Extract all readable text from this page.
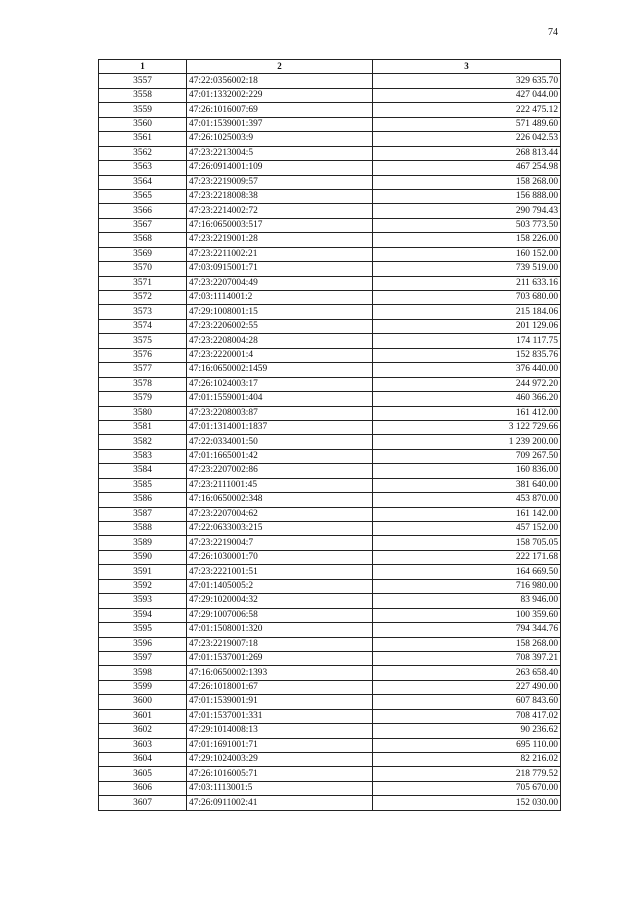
74
1	2	3
3557	47:22:0356002:18	329 635.70
3558	47:01:1332002:229	427 044.00
3559	47:26:1016007:69	222 475.12
3560	47:01:1539001:397	571 489.60
3561	47:26:1025003:9	226 042.53
3562	47:23:2213004:5	268 813.44
3563	47:26:0914001:109	467 254.98
3564	47:23:2219009:57	158 268.00
3565	47:23:2218008:38	156 888.00
3566	47:23:2214002:72	290 794.43
3567	47:16:0650003:517	503 773.50
3568	47:23:2219001:28	158 226.00
3569	47:23:2211002:21	160 152.00
3570	47:03:0915001:71	739 519.00
3571	47:23:2207004:49	211 633.16
3572	47:03:1114001:2	703 680.00
3573	47:29:1008001:15	215 184.06
3574	47:23:2206002:55	201 129.06
3575	47:23:2208004:28	174 117.75
3576	47:23:2220001:4	152 835.76
3577	47:16:0650002:1459	376 440.00
3578	47:26:1024003:17	244 972.20
3579	47:01:1559001:404	460 366.20
3580	47:23:2208003:87	161 412.00
3581	47:01:1314001:1837	3 122 729.66
3582	47:22:0334001:50	1 239 200.00
3583	47:01:1665001:42	709 267.50
3584	47:23:2207002:86	160 836.00
3585	47:23:2111001:45	381 640.00
3586	47:16:0650002:348	453 870.00
3587	47:23:2207004:62	161 142.00
3588	47:22:0633003:215	457 152.00
3589	47:23:2219004:7	158 705.05
3590	47:26:1030001:70	222 171.68
3591	47:23:2221001:51	164 669.50
3592	47:01:1405005:2	716 980.00
3593	47:29:1020004:32	83 946.00
3594	47:29:1007006:58	100 359.60
3595	47:01:1508001:320	794 344.76
3596	47:23:2219007:18	158 268.00
3597	47:01:1537001:269	708 397.21
3598	47:16:0650002:1393	263 658.40
3599	47:26:1018001:67	227 490.00
3600	47:01:1539001:91	607 843.60
3601	47:01:1537001:331	708 417.02
3602	47:29:1014008:13	90 236.62
3603	47:01:1691001:71	695 110.00
3604	47:29:1024003:29	82 216.02
3605	47:26:1016005:71	218 779.52
3606	47:03:1113001:5	705 670.00
3607	47:26:0911002:41	152 030.00
